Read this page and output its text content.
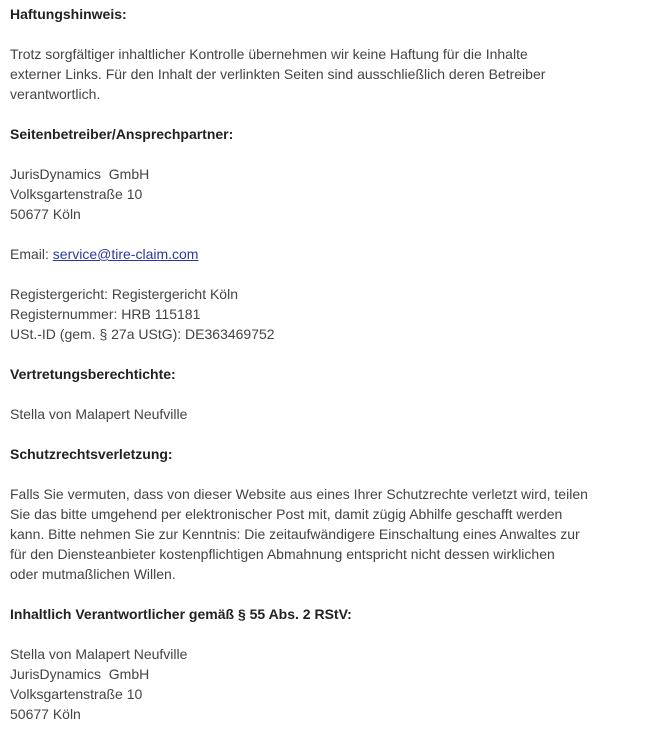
Haftungshinweis:
Trotz sorgfältiger inhaltlicher Kontrolle übernehmen wir keine Haftung für die Inhalte
externer Links. Für den Inhalt der verlinkten Seiten sind ausschließlich deren Betreiber
verantwortlich.
Seitenbetreiber/Ansprechpartner:
JurisDynamics  GmbH
Volksgartenstraße 10
50677 Köln
Email: service@tire-claim.com
Registergericht: Registergericht Köln
Registernummer: HRB 115181
USt.-ID (gem. § 27a UStG): DE363469752
Vertretungsberechtichte:
Stella von Malapert Neufville
Schutzrechtsverletzung:
Falls Sie vermuten, dass von dieser Website aus eines Ihrer Schutzrechte verletzt wird, teilen
Sie das bitte umgehend per elektronischer Post mit, damit zügig Abhilfe geschafft werden
kann. Bitte nehmen Sie zur Kenntnis: Die zeitaufwändigere Einschaltung eines Anwaltes zur
für den Diensteanbieter kostenpflichtigen Abmahnung entspricht nicht dessen wirklichen
oder mutmaßlichen Willen.
Inhaltlich Verantwortlicher gemäß § 55 Abs. 2 RStV:
Stella von Malapert Neufville
JurisDynamics  GmbH
Volksgartenstraße 10
50677 Köln
